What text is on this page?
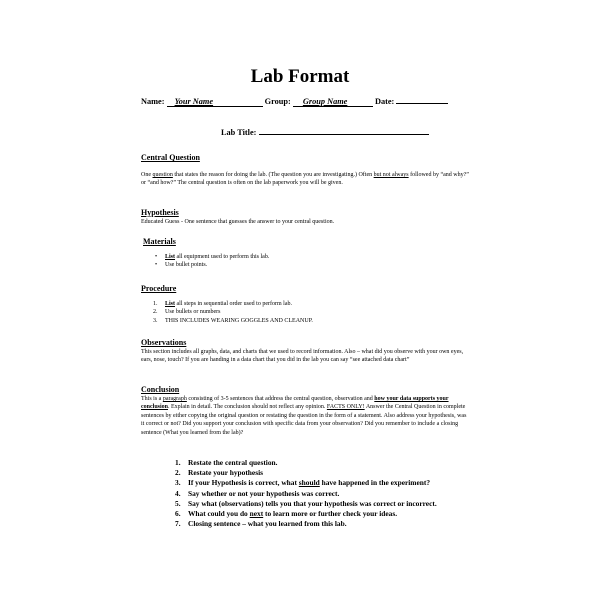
Lab Format
Name: Your Name	Group: Group Name	Date:
Lab Title:
Central Question
One question that states the reason for doing the lab. (The question you are investigating.) Often but not always followed by “and why?” or “and how?” The central question is often on the lab paperwork you will be given.
Hypothesis
Educated Guess - One sentence that guesses the answer to your central question.
Materials
• List all equipment used to perform this lab.
• Use bullet points.
Procedure
1. List all steps in sequential order used to perform lab.
2. Use bullets or numbers
3. THIS INCLUDES WEARING GOGGLES AND CLEANUP.
Observations
This section includes all graphs, data, and charts that we used to record information. Also – what did you observe with your own eyes, ears, nose, touch? If you are handing in a data chart that you did in the lab you can say “see attached data chart”
Conclusion
This is a paragraph consisting of 3-5 sentences that address the central question, observation and how your data supports your conclusion. Explain in detail. The conclusion should not reflect any opinion. FACTS ONLY! Answer the Central Question in complete sentences by either copying the original question or restating the question in the form of a statement. Also address your hypothesis, was it correct or not? Did you support your conclusion with specific data from your observation? Did you remember to include a closing sentence (What you learned from the lab)?
1. Restate the central question.
2. Restate your hypothesis
3. If your Hypothesis is correct, what should have happened in the experiment?
4. Say whether or not your hypothesis was correct.
5. Say what (observations) tells you that your hypothesis was correct or incorrect.
6. What could you do next to learn more or further check your ideas.
7. Closing sentence – what you learned from this lab.
